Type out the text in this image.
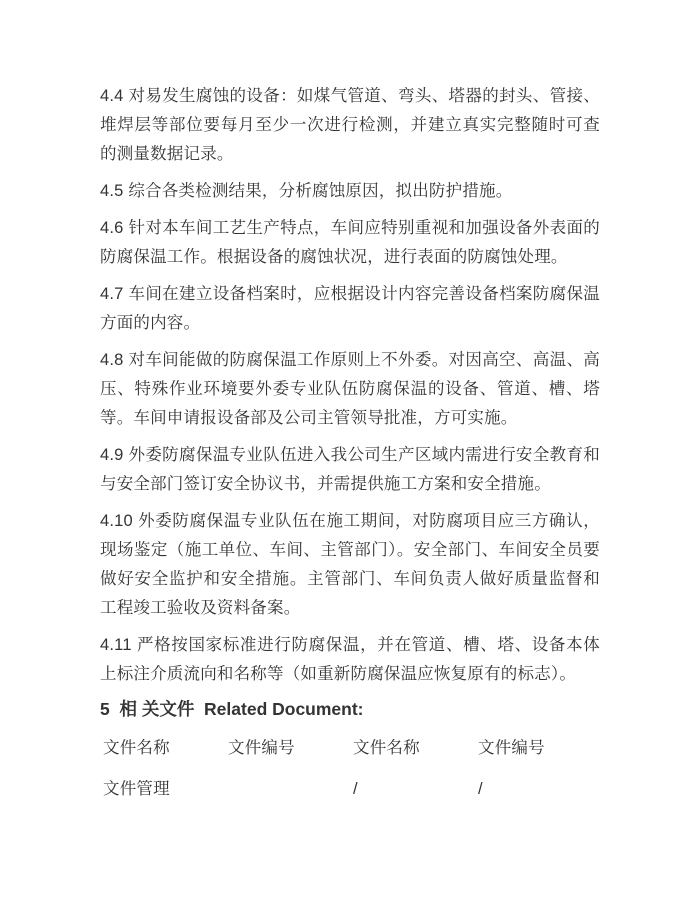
4.4 对易发生腐蚀的设备：如煤气管道、弯头、塔器的封头、管接、堆焊层等部位要每月至少一次进行检测，并建立真实完整随时可查的测量数据记录。

4.5 综合各类检测结果，分析腐蚀原因，拟出防护措施。

4.6 针对本车间工艺生产特点，车间应特别重视和加强设备外表面的防腐保温工作。根据设备的腐蚀状况，进行表面的防腐蚀处理。

4.7 车间在建立设备档案时，应根据设计内容完善设备档案防腐保温方面的内容。

4.8 对车间能做的防腐保温工作原则上不外委。对因高空、高温、高压、特殊作业环境要外委专业队伍防腐保温的设备、管道、槽、塔等。车间申请报设备部及公司主管领导批准，方可实施。

4.9 外委防腐保温专业队伍进入我公司生产区域内需进行安全教育和与安全部门签订安全协议书，并需提供施工方案和安全措施。

4.10 外委防腐保温专业队伍在施工期间，对防腐项目应三方确认，现场鉴定（施工单位、车间、主管部门）。安全部门、车间安全员要做好安全监护和安全措施。主管部门、车间负责人做好质量监督和工程竣工验收及资料备案。

4.11 严格按国家标准进行防腐保温，并在管道、槽、塔、设备本体上标注介质流向和名称等（如重新防腐保温应恢复原有的标志）。

5  相 关文件  Related Document:
文件名称	文件编号	文件名称	文件编号
文件管理		/	/
